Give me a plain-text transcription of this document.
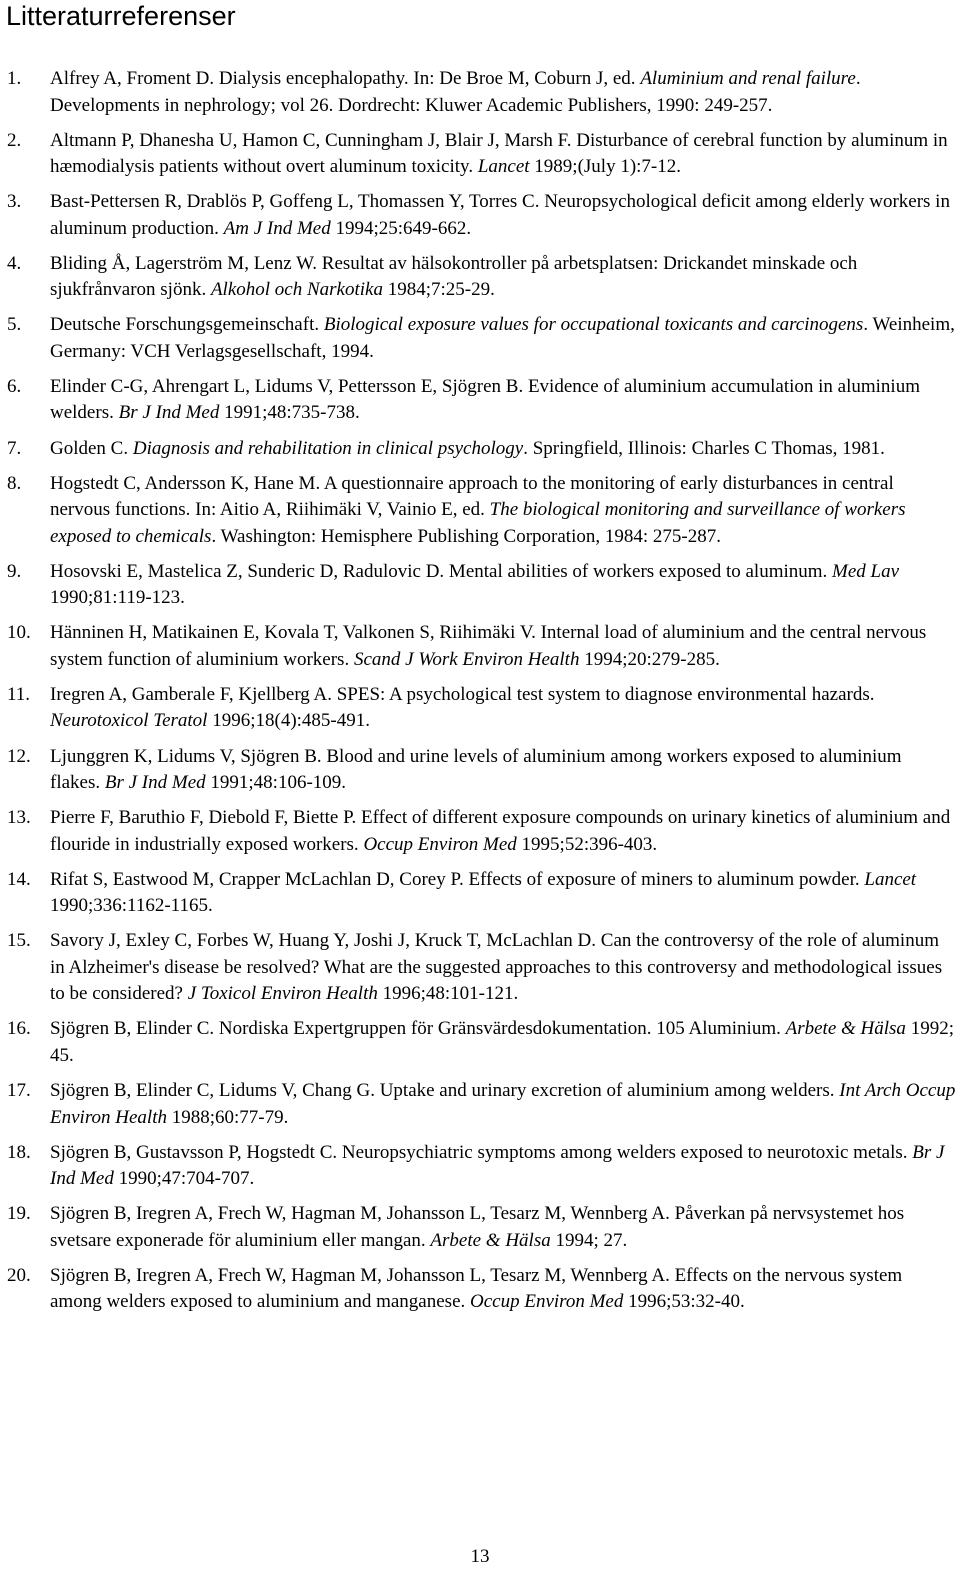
Litteraturreferenser
1. Alfrey A, Froment D. Dialysis encephalopathy. In: De Broe M, Coburn J, ed. Aluminium and renal failure. Developments in nephrology; vol 26. Dordrecht: Kluwer Academic Publishers, 1990: 249-257.
2. Altmann P, Dhanesha U, Hamon C, Cunningham J, Blair J, Marsh F. Disturbance of cerebral function by aluminum in hæmodialysis patients without overt aluminum toxicity. Lancet 1989;(July 1):7-12.
3. Bast-Pettersen R, Drablös P, Goffeng L, Thomassen Y, Torres C. Neuropsychological deficit among elderly workers in aluminum production. Am J Ind Med 1994;25:649-662.
4. Bliding Å, Lagerström M, Lenz W. Resultat av hälsokontroller på arbetsplatsen: Drickandet minskade och sjukfrånvaron sjönk. Alkohol och Narkotika 1984;7:25-29.
5. Deutsche Forschungsgemeinschaft. Biological exposure values for occupational toxicants and carcinogens. Weinheim, Germany: VCH Verlagsgesellschaft, 1994.
6. Elinder C-G, Ahrengart L, Lidums V, Pettersson E, Sjögren B. Evidence of aluminium accumulation in aluminium welders. Br J Ind Med 1991;48:735-738.
7. Golden C. Diagnosis and rehabilitation in clinical psychology. Springfield, Illinois: Charles C Thomas, 1981.
8. Hogstedt C, Andersson K, Hane M. A questionnaire approach to the monitoring of early disturbances in central nervous functions. In: Aitio A, Riihimäki V, Vainio E, ed. The biological monitoring and surveillance of workers exposed to chemicals. Washington: Hemisphere Publishing Corporation, 1984: 275-287.
9. Hosovski E, Mastelica Z, Sunderic D, Radulovic D. Mental abilities of workers exposed to aluminum. Med Lav 1990;81:119-123.
10. Hänninen H, Matikainen E, Kovala T, Valkonen S, Riihimäki V. Internal load of aluminium and the central nervous system function of aluminium workers. Scand J Work Environ Health 1994;20:279-285.
11. Iregren A, Gamberale F, Kjellberg A. SPES: A psychological test system to diagnose environmental hazards. Neurotoxicol Teratol 1996;18(4):485-491.
12. Ljunggren K, Lidums V, Sjögren B. Blood and urine levels of aluminium among workers exposed to aluminium flakes. Br J Ind Med 1991;48:106-109.
13. Pierre F, Baruthio F, Diebold F, Biette P. Effect of different exposure compounds on urinary kinetics of aluminium and flouride in industrially exposed workers. Occup Environ Med 1995;52:396-403.
14. Rifat S, Eastwood M, Crapper McLachlan D, Corey P. Effects of exposure of miners to aluminum powder. Lancet 1990;336:1162-1165.
15. Savory J, Exley C, Forbes W, Huang Y, Joshi J, Kruck T, McLachlan D. Can the controversy of the role of aluminum in Alzheimer's disease be resolved? What are the suggested approaches to this controversy and methodological issues to be considered? J Toxicol Environ Health 1996;48:101-121.
16. Sjögren B, Elinder C. Nordiska Expertgruppen för Gränsvärdesdokumentation. 105 Aluminium. Arbete & Hälsa 1992; 45.
17. Sjögren B, Elinder C, Lidums V, Chang G. Uptake and urinary excretion of aluminium among welders. Int Arch Occup Environ Health 1988;60:77-79.
18. Sjögren B, Gustavsson P, Hogstedt C. Neuropsychiatric symptoms among welders exposed to neurotoxic metals. Br J Ind Med 1990;47:704-707.
19. Sjögren B, Iregren A, Frech W, Hagman M, Johansson L, Tesarz M, Wennberg A. Påverkan på nervsystemet hos svetsare exponerade för aluminium eller mangan. Arbete & Hälsa 1994; 27.
20. Sjögren B, Iregren A, Frech W, Hagman M, Johansson L, Tesarz M, Wennberg A. Effects on the nervous system among welders exposed to aluminium and manganese. Occup Environ Med 1996;53:32-40.
13
